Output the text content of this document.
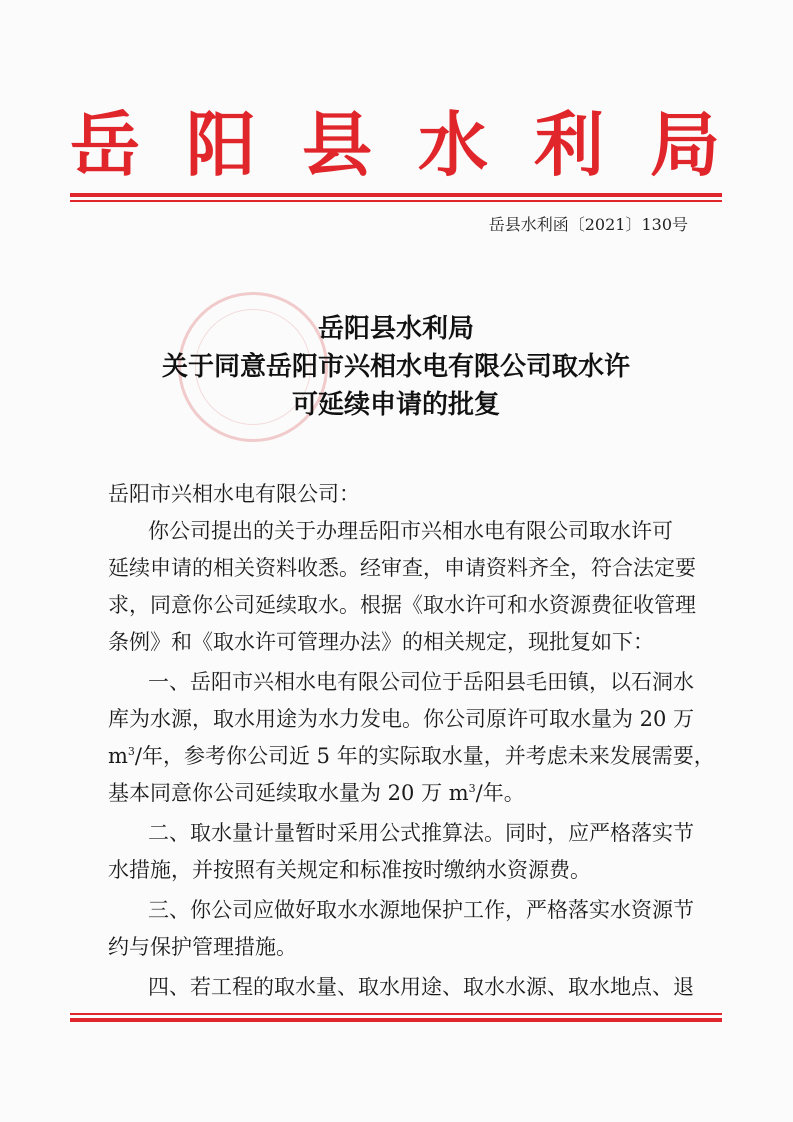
岳 阳 县 水 利 局
岳县水利函〔2021〕130号
岳阳县水利局
关于同意岳阳市兴相水电有限公司取水许
可延续申请的批复
岳阳市兴相水电有限公司：
你公司提出的关于办理岳阳市兴相水电有限公司取水许可
延续申请的相关资料收悉。经审查，申请资料齐全，符合法定要
求，同意你公司延续取水。根据《取水许可和水资源费征收管理
条例》和《取水许可管理办法》的相关规定，现批复如下：
一、岳阳市兴相水电有限公司位于岳阳县毛田镇，以石洞水
库为水源，取水用途为水力发电。你公司原许可取水量为 20 万
$m^3/$年，参考你公司近 5 年的实际取水量，并考虑未来发展需要，
基本同意你公司延续取水量为 20 万 $m^3/$年。
二、取水量计量暂时采用公式推算法。同时，应严格落实节
水措施，并按照有关规定和标准按时缴纳水资源费。
三、你公司应做好取水水源地保护工作，严格落实水资源节
约与保护管理措施。
四、若工程的取水量、取水用途、取水水源、取水地点、退
